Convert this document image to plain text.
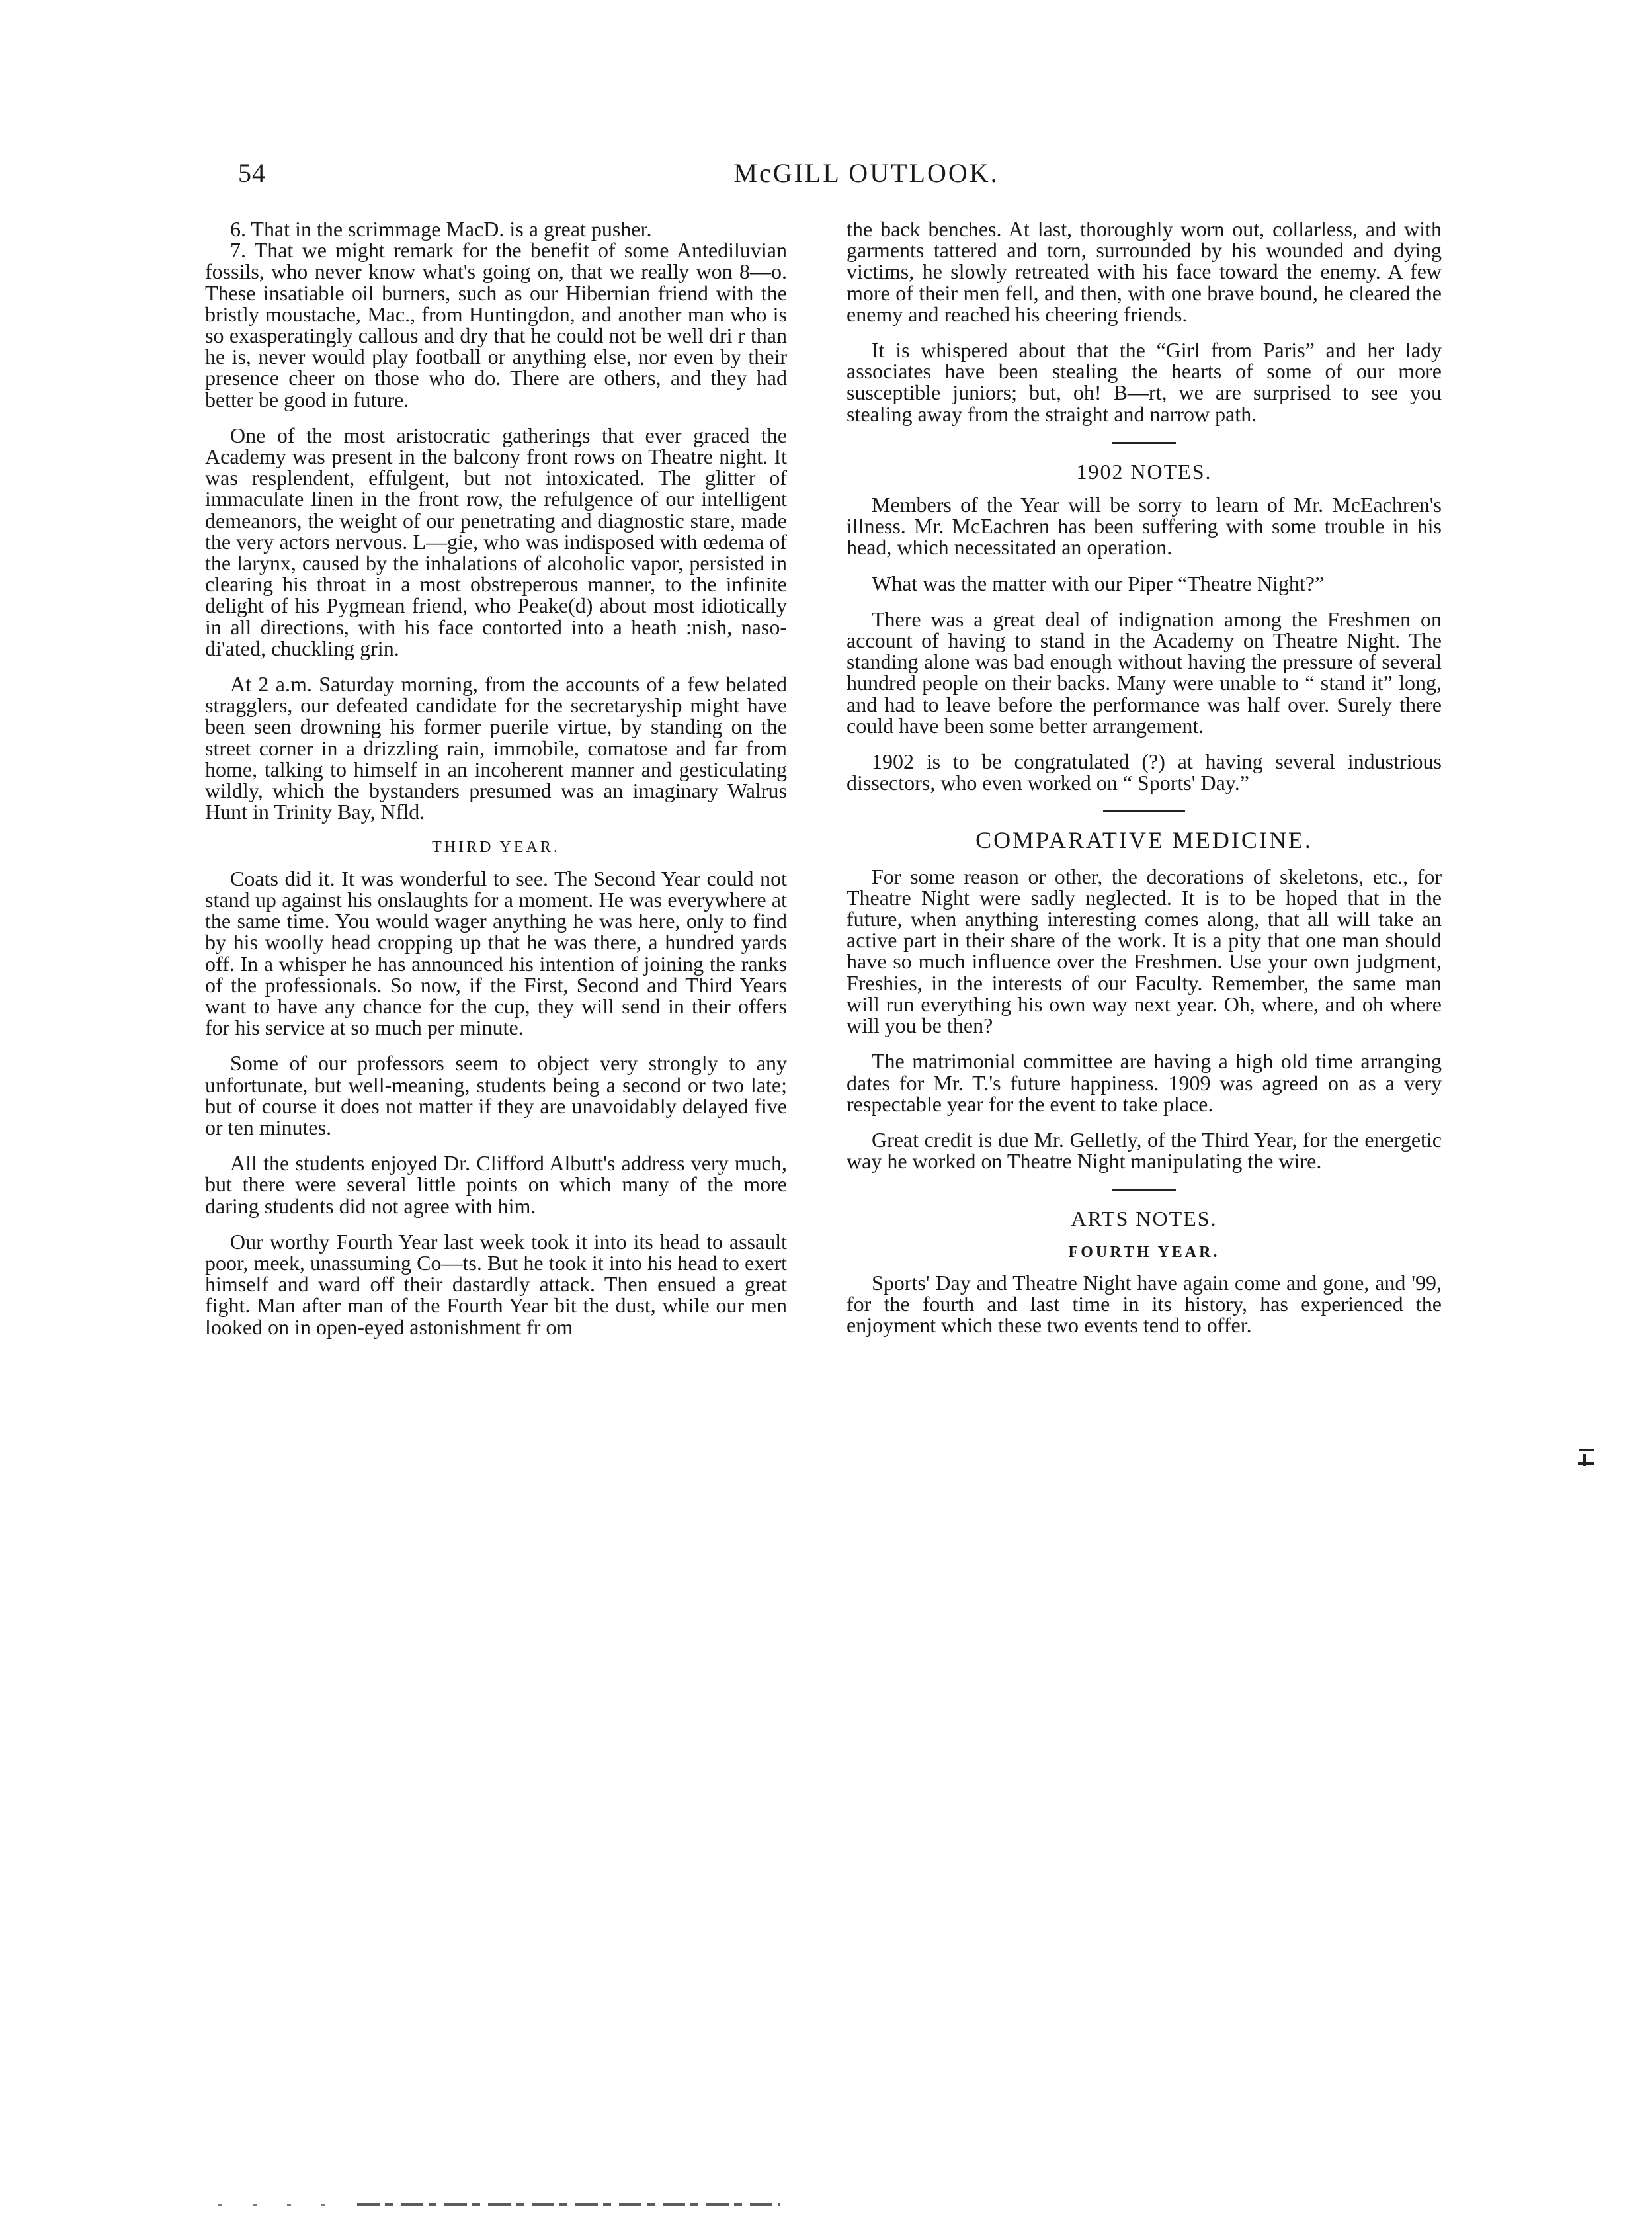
54	McGILL OUTLOOK.

6. That in the scrimmage MacD. is a great pusher.

7. That we might remark for the benefit of some Antediluvian fossils, who never know what's going on, that we really won 8—o. These insatiable oil burners, such as our Hibernian friend with the bristly moustache, Mac., from Huntingdon, and another man who is so exasperatingly callous and dry that he could not be well dri r than he is, never would play football or anything else, nor even by their presence cheer on those who do. There are others, and they had better be good in future.

One of the most aristocratic gatherings that ever graced the Academy was present in the balcony front rows on Theatre night. It was resplendent, effulgent, but not intoxicated. The glitter of immaculate linen in the front row, the refulgence of our intelligent demeanors, the weight of our penetrating and diagnostic stare, made the very actors nervous. L—gie, who was indisposed with œdema of the larynx, caused by the inhalations of alcoholic vapor, persisted in clearing his throat in a most obstreperous manner, to the infinite delight of his Pygmean friend, who Peake(d) about most idiotically in all directions, with his face contorted into a heath :nish, naso-di'ated, chuckling grin.

At 2 a.m. Saturday morning, from the accounts of a few belated stragglers, our defeated candidate for the secretaryship might have been seen drowning his former puerile virtue, by standing on the street corner in a drizzling rain, immobile, comatose and far from home, talking to himself in an incoherent manner and gesticulating wildly, which the bystanders presumed was an imaginary Walrus Hunt in Trinity Bay, Nfld.

THIRD YEAR.

Coats did it. It was wonderful to see. The Second Year could not stand up against his onslaughts for a moment. He was everywhere at the same time. You would wager anything he was here, only to find by his woolly head cropping up that he was there, a hundred yards off. In a whisper he has announced his intention of joining the ranks of the professionals. So now, if the First, Second and Third Years want to have any chance for the cup, they will send in their offers for his service at so much per minute.

Some of our professors seem to object very strongly to any unfortunate, but well-meaning, students being a second or two late; but of course it does not matter if they are unavoidably delayed five or ten minutes.

All the students enjoyed Dr. Clifford Albutt's address very much, but there were several little points on which many of the more daring students did not agree with him.

Our worthy Fourth Year last week took it into its head to assault poor, meek, unassuming Co—ts. But he took it into his head to exert himself and ward off their dastardly attack. Then ensued a great fight. Man after man of the Fourth Year bit the dust, while our men looked on in open-eyed astonishment fr om

the back benches. At last, thoroughly worn out, collarless, and with garments tattered and torn, surrounded by his wounded and dying victims, he slowly retreated with his face toward the enemy. A few more of their men fell, and then, with one brave bound, he cleared the enemy and reached his cheering friends.

It is whispered about that the “Girl from Paris” and her lady associates have been stealing the hearts of some of our more susceptible juniors; but, oh! B—rt, we are surprised to see you stealing away from the straight and narrow path.

1902 NOTES.

Members of the Year will be sorry to learn of Mr. McEachren's illness. Mr. McEachren has been suffering with some trouble in his head, which necessitated an operation.

What was the matter with our Piper “Theatre Night?”

There was a great deal of indignation among the Freshmen on account of having to stand in the Academy on Theatre Night. The standing alone was bad enough without having the pressure of several hundred people on their backs. Many were unable to “ stand it” long, and had to leave before the performance was half over. Surely there could have been some better arrangement.

1902 is to be congratulated (?) at having several industrious dissectors, who even worked on “ Sports' Day.”

COMPARATIVE MEDICINE.

For some reason or other, the decorations of skeletons, etc., for Theatre Night were sadly neglected. It is to be hoped that in the future, when anything interesting comes along, that all will take an active part in their share of the work. It is a pity that one man should have so much influence over the Freshmen. Use your own judgment, Freshies, in the interests of our Faculty. Remember, the same man will run everything his own way next year. Oh, where, and oh where will you be then?

The matrimonial committee are having a high old time arranging dates for Mr. T.'s future happiness. 1909 was agreed on as a very respectable year for the event to take place.

Great credit is due Mr. Gelletly, of the Third Year, for the energetic way he worked on Theatre Night manipulating the wire.

ARTS NOTES.
FOURTH YEAR.

Sports' Day and Theatre Night have again come and gone, and '99, for the fourth and last time in its history, has experienced the enjoyment which these two events tend to offer.
